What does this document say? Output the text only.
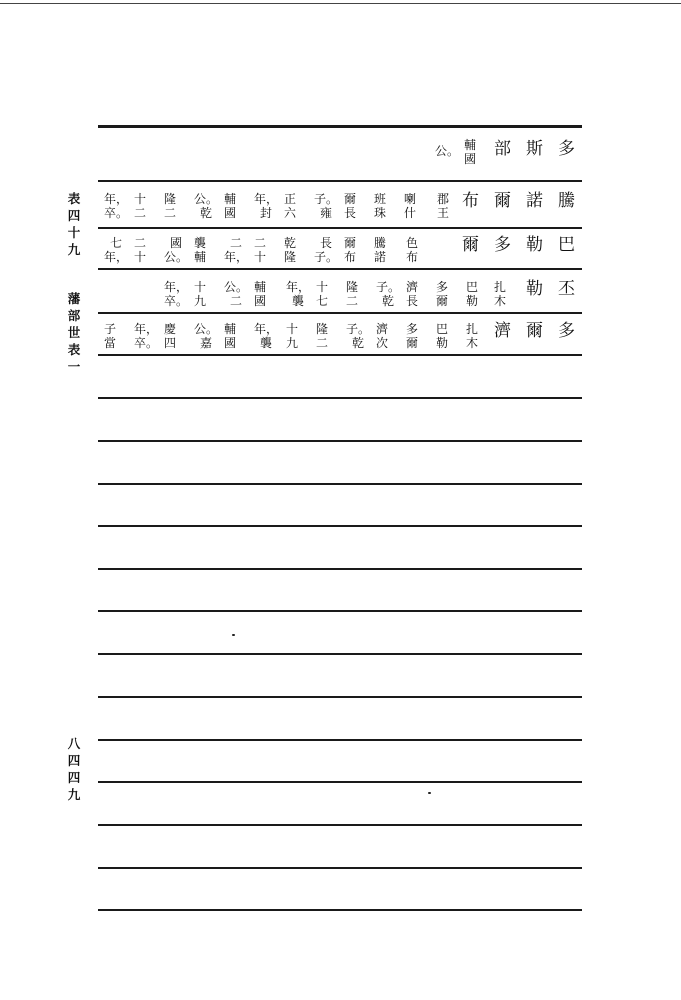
表
四
十
九
藩
部
世
表
一
八
四
四
九
多
斯
部
輔
國
公。
騰
諾
爾
布
郡
王
喇
什
班
珠
爾
長
子。
雍
正
六
年，
封
輔
國
公。
乾
隆
二
十
二
年，
卒。
巴
勒
多
爾
色
布
騰
諾
爾
布
長
子。
乾
隆
二
十
二
年，
襲
輔
國
公。
二
十
七
年，
丕
勒
扎
木
巴
勒
多
爾
濟
長
子。
乾
隆
二
十
七
年，
襲
輔
國
公。
二
十
九
年，
卒。
多
爾
濟
扎
木
巴
勒
多
爾
濟
次
子。
乾
隆
二
十
九
年，
襲
輔
國
公。
嘉
慶
四
年，
卒。
子
當
